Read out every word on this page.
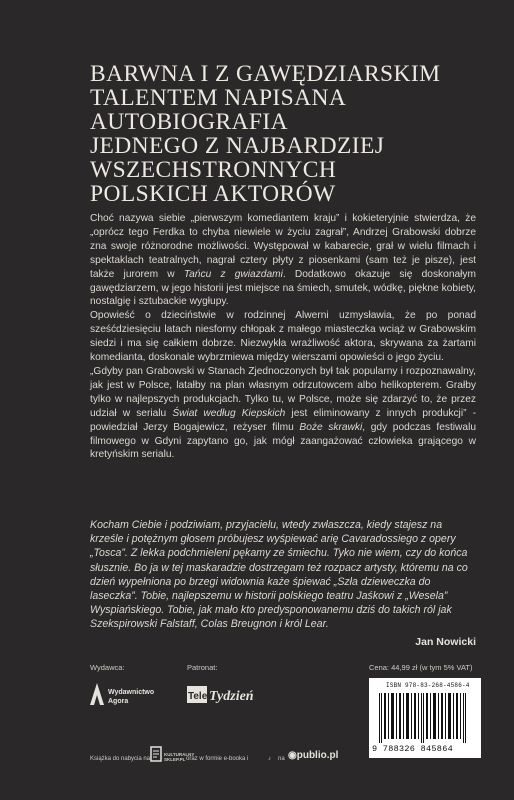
BARWNA I Z GAWĘDZIARSKIM
TALENTEM NAPISANA
AUTOBIOGRAFIA
JEDNEGO Z NAJBARDZIEJ
WSZECHSTRONNYCH
POLSKICH AKTORÓW

Choć nazywa siebie „pierwszym komediantem kraju” i kokieteryjnie stwierdza, że „oprócz tego Ferdka to chyba niewiele w życiu zagrał”, Andrzej Grabowski dobrze zna swoje różnorodne możliwości. Występował w kabarecie, grał w wielu filmach i spektaklach teatralnych, nagrał cztery płyty z piosenkami (sam też je pisze), jest także jurorem w Tańcu z gwiazdami. Dodatkowo okazuje się doskonałym gawędziarzem, w jego historii jest miejsce na śmiech, smutek, wódkę, piękne kobiety, nostalgię i sztubackie wygłupy.

Opowieść o dzieciństwie w rodzinnej Alwerni uzmysławia, że po ponad sześćdziesięciu latach niesforny chłopak z małego miasteczka wciąż w Grabowskim siedzi i ma się całkiem dobrze. Niezwykła wrażliwość aktora, skrywana za żartami komedianta, doskonale wybrzmiewa między wierszami opowieści o jego życiu.

„Gdyby pan Grabowski w Stanach Zjednoczonych był tak popularny i rozpoznawalny, jak jest w Polsce, latałby na plan własnym odrzutowcem albo helikopterem. Grałby tylko w najlepszych produkcjach. Tylko tu, w Polsce, może się zdarzyć to, że przez udział w serialu Świat według Kiepskich jest eliminowany z innych produkcji” - powiedział Jerzy Bogajewicz, reżyser filmu Boże skrawki, gdy podczas festiwalu filmowego w Gdyni zapytano go, jak mógł zaangażować człowieka grającego w kretyńskim serialu.

Kocham Ciebie i podziwiam, przyjacielu, wtedy zwłaszcza, kiedy stajesz na krześle i potężnym głosem próbujesz wyśpiewać arię Cavaradossiego z opery „Tosca”. Z lekka podchmieleni pękamy ze śmiechu. Tyko nie wiem, czy do końca słusznie. Bo ja w tej maskaradzie dostrzegam też rozpacz artysty, któremu na co dzień wypełniona po brzegi widownia każe śpiewać „Szła dzieweczka do laseczka”. Tobie, najlepszemu w historii polskiego teatru Jaśkowi z „Wesela” Wyspiańskiego. Tobie, jak mało kto predysponowanemu dziś do takich ról jak Szekspirowski Falstaff, Colas Breugnon i król Lear.
Jan Nowicki
Wydawca:
Wydawnictwo
Agora
Patronat:
Tele Tydzień
Cena: 44,99 zł (w tym 5% VAT)
ISBN 978-83-268-4586-4
9 788326 845864
Książka do nabycia na:	oraz w formie e-booka i	♪ na
KULTURALNY
SKLEP.PL	◉publio.pl
